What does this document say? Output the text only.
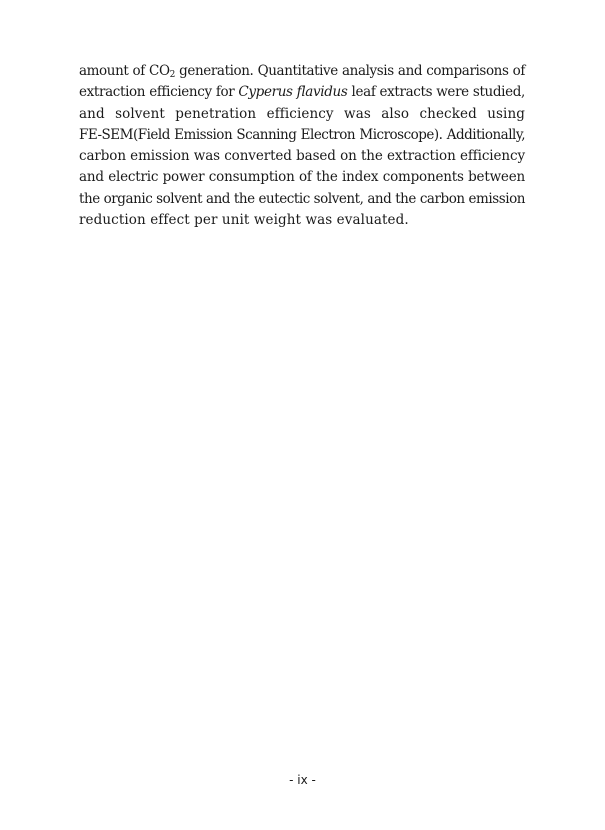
amount of $CO_2$ generation. Quantitative analysis and comparisons of
extraction efficiency for Cyperus flavidus leaf extracts were studied,
and solvent penetration efficiency was also checked using
FE-SEM(Field Emission Scanning Electron Microscope). Additionally,
carbon emission was converted based on the extraction efficiency
and electric power consumption of the index components between
the organic solvent and the eutectic solvent, and the carbon emission
reduction effect per unit weight was evaluated.

- ix -
